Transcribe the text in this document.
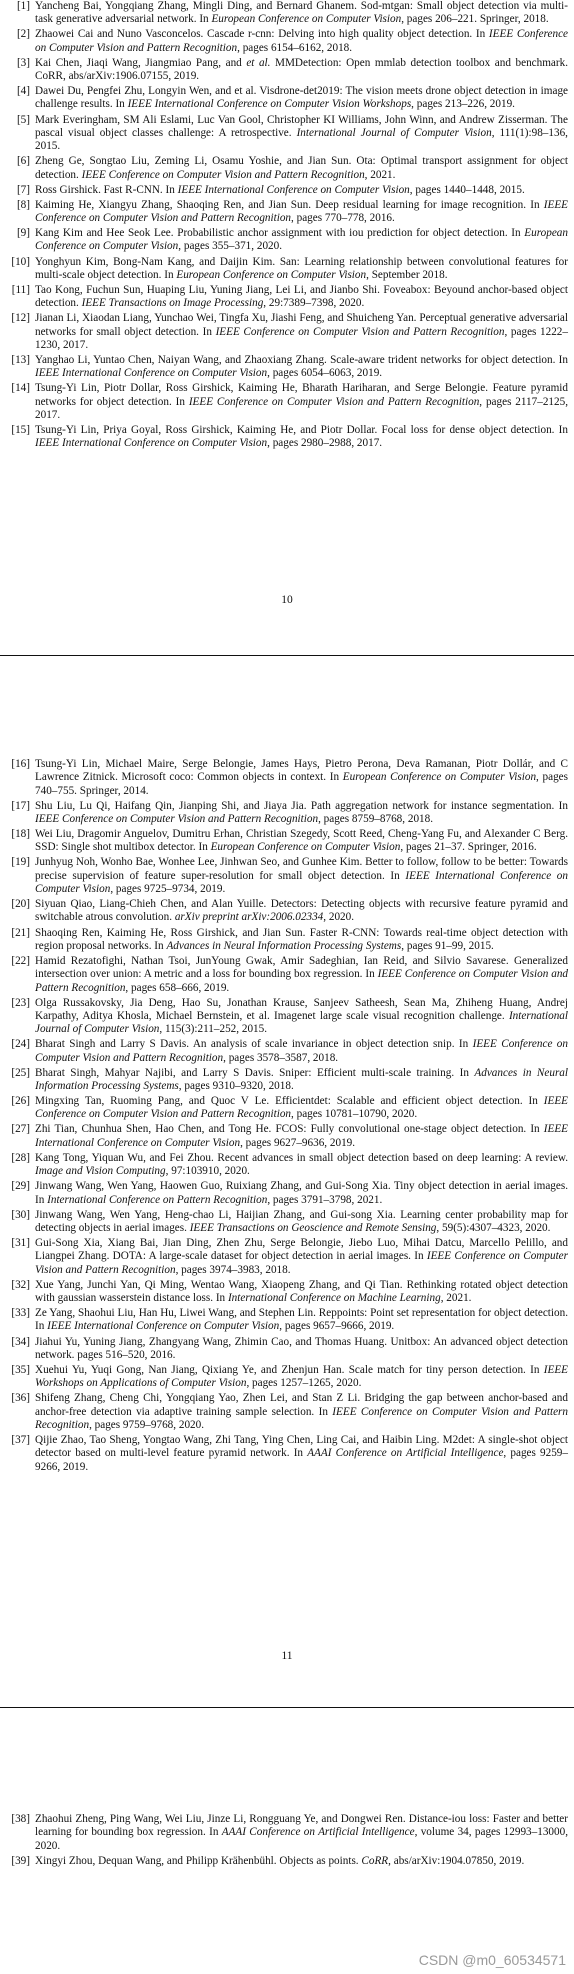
[1] Yancheng Bai, Yongqiang Zhang, Mingli Ding, and Bernard Ghanem. Sod-mtgan: Small object detection via multi-task generative adversarial network. In European Conference on Computer Vision, pages 206–221. Springer, 2018.
[2] Zhaowei Cai and Nuno Vasconcelos. Cascade r-cnn: Delving into high quality object detection. In IEEE Conference on Computer Vision and Pattern Recognition, pages 6154–6162, 2018.
[3] Kai Chen, Jiaqi Wang, Jiangmiao Pang, and et al. MMDetection: Open mmlab detection toolbox and benchmark. CoRR, abs/arXiv:1906.07155, 2019.
[4] Dawei Du, Pengfei Zhu, Longyin Wen, and et al. Visdrone-det2019: The vision meets drone object detection in image challenge results. In IEEE International Conference on Computer Vision Workshops, pages 213–226, 2019.
[5] Mark Everingham, SM Ali Eslami, Luc Van Gool, Christopher KI Williams, John Winn, and Andrew Zisserman. The pascal visual object classes challenge: A retrospective. International Journal of Computer Vision, 111(1):98–136, 2015.
[6] Zheng Ge, Songtao Liu, Zeming Li, Osamu Yoshie, and Jian Sun. Ota: Optimal transport assignment for object detection. IEEE Conference on Computer Vision and Pattern Recognition, 2021.
[7] Ross Girshick. Fast R-CNN. In IEEE International Conference on Computer Vision, pages 1440–1448, 2015.
[8] Kaiming He, Xiangyu Zhang, Shaoqing Ren, and Jian Sun. Deep residual learning for image recognition. In IEEE Conference on Computer Vision and Pattern Recognition, pages 770–778, 2016.
[9] Kang Kim and Hee Seok Lee. Probabilistic anchor assignment with iou prediction for object detection. In European Conference on Computer Vision, pages 355–371, 2020.
[10] Yonghyun Kim, Bong-Nam Kang, and Daijin Kim. San: Learning relationship between convolutional features for multi-scale object detection. In European Conference on Computer Vision, September 2018.
[11] Tao Kong, Fuchun Sun, Huaping Liu, Yuning Jiang, Lei Li, and Jianbo Shi. Foveabox: Beyound anchor-based object detection. IEEE Transactions on Image Processing, 29:7389–7398, 2020.
[12] Jianan Li, Xiaodan Liang, Yunchao Wei, Tingfa Xu, Jiashi Feng, and Shuicheng Yan. Perceptual generative adversarial networks for small object detection. In IEEE Conference on Computer Vision and Pattern Recognition, pages 1222–1230, 2017.
[13] Yanghao Li, Yuntao Chen, Naiyan Wang, and Zhaoxiang Zhang. Scale-aware trident networks for object detection. In IEEE International Conference on Computer Vision, pages 6054–6063, 2019.
[14] Tsung-Yi Lin, Piotr Dollar, Ross Girshick, Kaiming He, Bharath Hariharan, and Serge Belongie. Feature pyramid networks for object detection. In IEEE Conference on Computer Vision and Pattern Recognition, pages 2117–2125, 2017.
[15] Tsung-Yi Lin, Priya Goyal, Ross Girshick, Kaiming He, and Piotr Dollar. Focal loss for dense object detection. In IEEE International Conference on Computer Vision, pages 2980–2988, 2017.
10
[16] Tsung-Yi Lin, Michael Maire, Serge Belongie, James Hays, Pietro Perona, Deva Ramanan, Piotr Dollár, and C Lawrence Zitnick. Microsoft coco: Common objects in context. In European Conference on Computer Vision, pages 740–755. Springer, 2014.
[17] Shu Liu, Lu Qi, Haifang Qin, Jianping Shi, and Jiaya Jia. Path aggregation network for instance segmentation. In IEEE Conference on Computer Vision and Pattern Recognition, pages 8759–8768, 2018.
[18] Wei Liu, Dragomir Anguelov, Dumitru Erhan, Christian Szegedy, Scott Reed, Cheng-Yang Fu, and Alexander C Berg. SSD: Single shot multibox detector. In European Conference on Computer Vision, pages 21–37. Springer, 2016.
[19] Junhyug Noh, Wonho Bae, Wonhee Lee, Jinhwan Seo, and Gunhee Kim. Better to follow, follow to be better: Towards precise supervision of feature super-resolution for small object detection. In IEEE International Conference on Computer Vision, pages 9725–9734, 2019.
[20] Siyuan Qiao, Liang-Chieh Chen, and Alan Yuille. Detectors: Detecting objects with recursive feature pyramid and switchable atrous convolution. arXiv preprint arXiv:2006.02334, 2020.
[21] Shaoqing Ren, Kaiming He, Ross Girshick, and Jian Sun. Faster R-CNN: Towards real-time object detection with region proposal networks. In Advances in Neural Information Processing Systems, pages 91–99, 2015.
[22] Hamid Rezatofighi, Nathan Tsoi, JunYoung Gwak, Amir Sadeghian, Ian Reid, and Silvio Savarese. Generalized intersection over union: A metric and a loss for bounding box regression. In IEEE Conference on Computer Vision and Pattern Recognition, pages 658–666, 2019.
[23] Olga Russakovsky, Jia Deng, Hao Su, Jonathan Krause, Sanjeev Satheesh, Sean Ma, Zhiheng Huang, Andrej Karpathy, Aditya Khosla, Michael Bernstein, et al. Imagenet large scale visual recognition challenge. International Journal of Computer Vision, 115(3):211–252, 2015.
[24] Bharat Singh and Larry S Davis. An analysis of scale invariance in object detection snip. In IEEE Conference on Computer Vision and Pattern Recognition, pages 3578–3587, 2018.
[25] Bharat Singh, Mahyar Najibi, and Larry S Davis. Sniper: Efficient multi-scale training. In Advances in Neural Information Processing Systems, pages 9310–9320, 2018.
[26] Mingxing Tan, Ruoming Pang, and Quoc V Le. Efficientdet: Scalable and efficient object detection. In IEEE Conference on Computer Vision and Pattern Recognition, pages 10781–10790, 2020.
[27] Zhi Tian, Chunhua Shen, Hao Chen, and Tong He. FCOS: Fully convolutional one-stage object detection. In IEEE International Conference on Computer Vision, pages 9627–9636, 2019.
[28] Kang Tong, Yiquan Wu, and Fei Zhou. Recent advances in small object detection based on deep learning: A review. Image and Vision Computing, 97:103910, 2020.
[29] Jinwang Wang, Wen Yang, Haowen Guo, Ruixiang Zhang, and Gui-Song Xia. Tiny object detection in aerial images. In International Conference on Pattern Recognition, pages 3791–3798, 2021.
[30] Jinwang Wang, Wen Yang, Heng-chao Li, Haijian Zhang, and Gui-song Xia. Learning center probability map for detecting objects in aerial images. IEEE Transactions on Geoscience and Remote Sensing, 59(5):4307–4323, 2020.
[31] Gui-Song Xia, Xiang Bai, Jian Ding, Zhen Zhu, Serge Belongie, Jiebo Luo, Mihai Datcu, Marcello Pelillo, and Liangpei Zhang. DOTA: A large-scale dataset for object detection in aerial images. In IEEE Conference on Computer Vision and Pattern Recognition, pages 3974–3983, 2018.
[32] Xue Yang, Junchi Yan, Qi Ming, Wentao Wang, Xiaopeng Zhang, and Qi Tian. Rethinking rotated object detection with gaussian wasserstein distance loss. In International Conference on Machine Learning, 2021.
[33] Ze Yang, Shaohui Liu, Han Hu, Liwei Wang, and Stephen Lin. Reppoints: Point set representation for object detection. In IEEE International Conference on Computer Vision, pages 9657–9666, 2019.
[34] Jiahui Yu, Yuning Jiang, Zhangyang Wang, Zhimin Cao, and Thomas Huang. Unitbox: An advanced object detection network. pages 516–520, 2016.
[35] Xuehui Yu, Yuqi Gong, Nan Jiang, Qixiang Ye, and Zhenjun Han. Scale match for tiny person detection. In IEEE Workshops on Applications of Computer Vision, pages 1257–1265, 2020.
[36] Shifeng Zhang, Cheng Chi, Yongqiang Yao, Zhen Lei, and Stan Z Li. Bridging the gap between anchor-based and anchor-free detection via adaptive training sample selection. In IEEE Conference on Computer Vision and Pattern Recognition, pages 9759–9768, 2020.
[37] Qijie Zhao, Tao Sheng, Yongtao Wang, Zhi Tang, Ying Chen, Ling Cai, and Haibin Ling. M2det: A single-shot object detector based on multi-level feature pyramid network. In AAAI Conference on Artificial Intelligence, pages 9259–9266, 2019.
11
[38] Zhaohui Zheng, Ping Wang, Wei Liu, Jinze Li, Rongguang Ye, and Dongwei Ren. Distance-iou loss: Faster and better learning for bounding box regression. In AAAI Conference on Artificial Intelligence, volume 34, pages 12993–13000, 2020.
[39] Xingyi Zhou, Dequan Wang, and Philipp Krähenbühl. Objects as points. CoRR, abs/arXiv:1904.07850, 2019.
CSDN @m0_60534571
